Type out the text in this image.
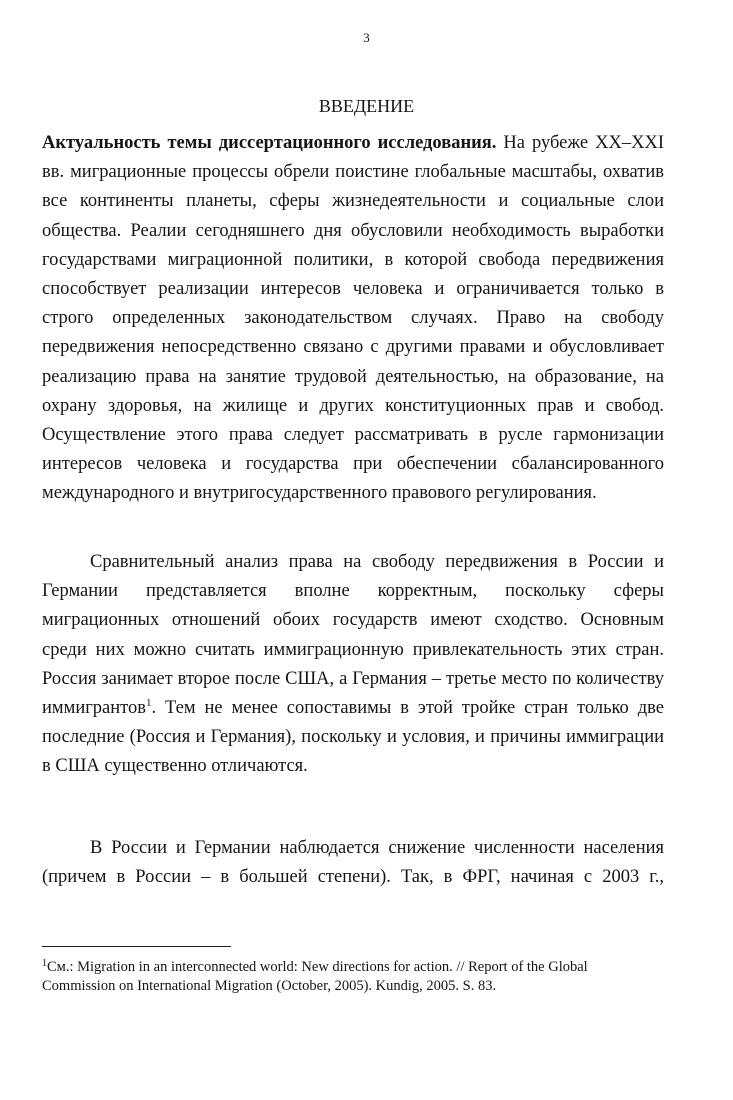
3
ВВЕДЕНИЕ
Актуальность темы диссертационного исследования. На рубеже XX–XXI
вв. миграционные процессы обрели поистине глобальные масштабы, охватив
все континенты планеты, сферы жизнедеятельности и социальные слои
общества. Реалии сегодняшнего дня обусловили необходимость выработки
государствами миграционной политики, в которой свобода передвижения
способствует реализации интересов человека и ограничивается только в
строго определенных законодательством случаях. Право на свободу
передвижения непосредственно связано с другими правами и обусловливает
реализацию права на занятие трудовой деятельностью, на образование, на
охрану здоровья, на жилище и других конституционных прав и свобод.
Осуществление этого права следует рассматривать в русле гармонизации
интересов человека и государства при обеспечении сбалансированного
международного и внутригосударственного правового регулирования.
Сравнительный анализ права на свободу передвижения в России и
Германии представляется вполне корректным, поскольку сферы
миграционных отношений обоих государств имеют сходство. Основным
среди них можно считать иммиграционную привлекательность этих стран.
Россия занимает второе после США, а Германия – третье место по количеству
иммигрантов$^1$. Тем не менее сопоставимы в этой тройке стран только две
последние (Россия и Германия), поскольку и условия, и причины иммиграции
в США существенно отличаются.
В России и Германии наблюдается снижение численности населения
(причем в России – в большей степени). Так, в ФРГ, начиная с 2003 г.,
$^1$См.: Migration in an interconnected world: New directions for action. // Report of the Global
Commission on International Migration (October, 2005). Kundig, 2005. S. 83.
